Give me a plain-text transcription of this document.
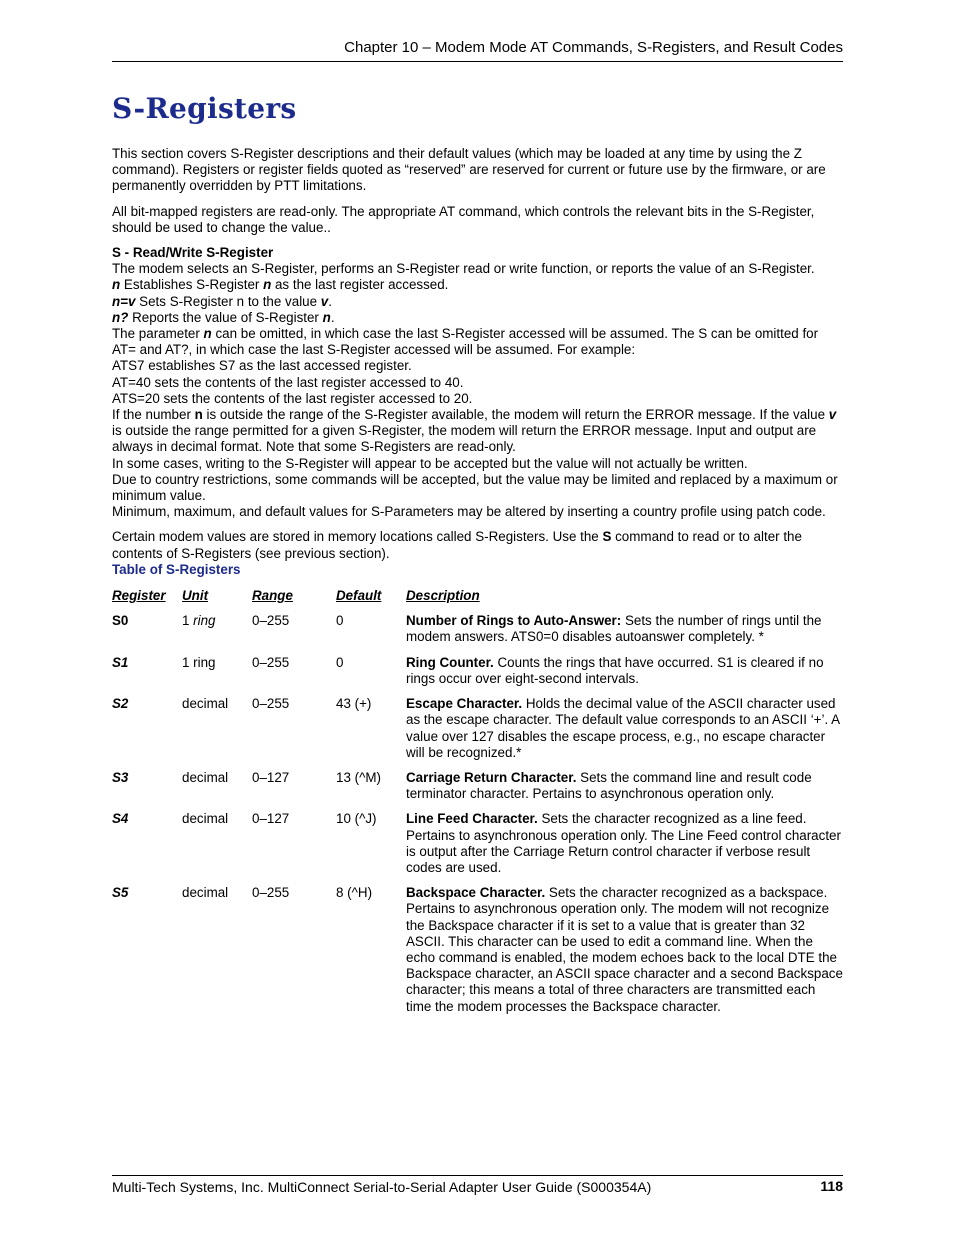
Chapter 10 – Modem Mode AT Commands, S-Registers, and Result Codes
S-Registers

This section covers S-Register descriptions and their default values (which may be loaded at any time by using the Z command). Registers or register fields quoted as “reserved” are reserved for current or future use by the firmware, or are permanently overridden by PTT limitations.

All bit-mapped registers are read-only. The appropriate AT command, which controls the relevant bits in the S-Register, should be used to change the value..

S - Read/Write S-Register

The modem selects an S-Register, performs an S-Register read or write function, or reports the value of an S-Register.

n Establishes S-Register n as the last register accessed.

n=v Sets S-Register n to the value v.

n? Reports the value of S-Register n.

The parameter n can be omitted, in which case the last S-Register accessed will be assumed. The S can be omitted for AT= and AT?, in which case the last S-Register accessed will be assumed. For example:

ATS7 establishes S7 as the last accessed register.

AT=40 sets the contents of the last register accessed to 40.

ATS=20 sets the contents of the last register accessed to 20.

If the number n is outside the range of the S-Register available, the modem will return the ERROR message. If the value v is outside the range permitted for a given S-Register, the modem will return the ERROR message. Input and output are always in decimal format. Note that some S-Registers are read-only.

In some cases, writing to the S-Register will appear to be accepted but the value will not actually be written.

Due to country restrictions, some commands will be accepted, but the value may be limited and replaced by a maximum or minimum value.

Minimum, maximum, and default values for S-Parameters may be altered by inserting a country profile using patch code.

Certain modem values are stored in memory locations called S-Registers. Use the S command to read or to alter the contents of S-Registers (see previous section).

Table of S-Registers

Register	Unit	Range	Default	Description
S0	1 ring	0–255	0	Number of Rings to Auto-Answer: Sets the number of rings until the modem answers. ATS0=0 disables autoanswer completely. *
S1	1 ring	0–255	0	Ring Counter. Counts the rings that have occurred. S1 is cleared if no rings occur over eight-second intervals.
S2	decimal	0–255	43 (+)	Escape Character. Holds the decimal value of the ASCII character used as the escape character. The default value corresponds to an ASCII ‘+’. A value over 127 disables the escape process, e.g., no escape character will be recognized.*
S3	decimal	0–127	13 (^M)	Carriage Return Character. Sets the command line and result code terminator character. Pertains to asynchronous operation only.
S4	decimal	0–127	10 (^J)	Line Feed Character. Sets the character recognized as a line feed. Pertains to asynchronous operation only. The Line Feed control character is output after the Carriage Return control character if verbose result codes are used.
S5	decimal	0–255	8 (^H)	Backspace Character. Sets the character recognized as a backspace. Pertains to asynchronous operation only. The modem will not recognize the Backspace character if it is set to a value that is greater than 32 ASCII. This character can be used to edit a command line. When the echo command is enabled, the modem echoes back to the local DTE the Backspace character, an ASCII space character and a second Backspace character; this means a total of three characters are transmitted each time the modem processes the Backspace character.
Multi-Tech Systems, Inc. MultiConnect Serial-to-Serial Adapter User Guide (S000354A)	118
